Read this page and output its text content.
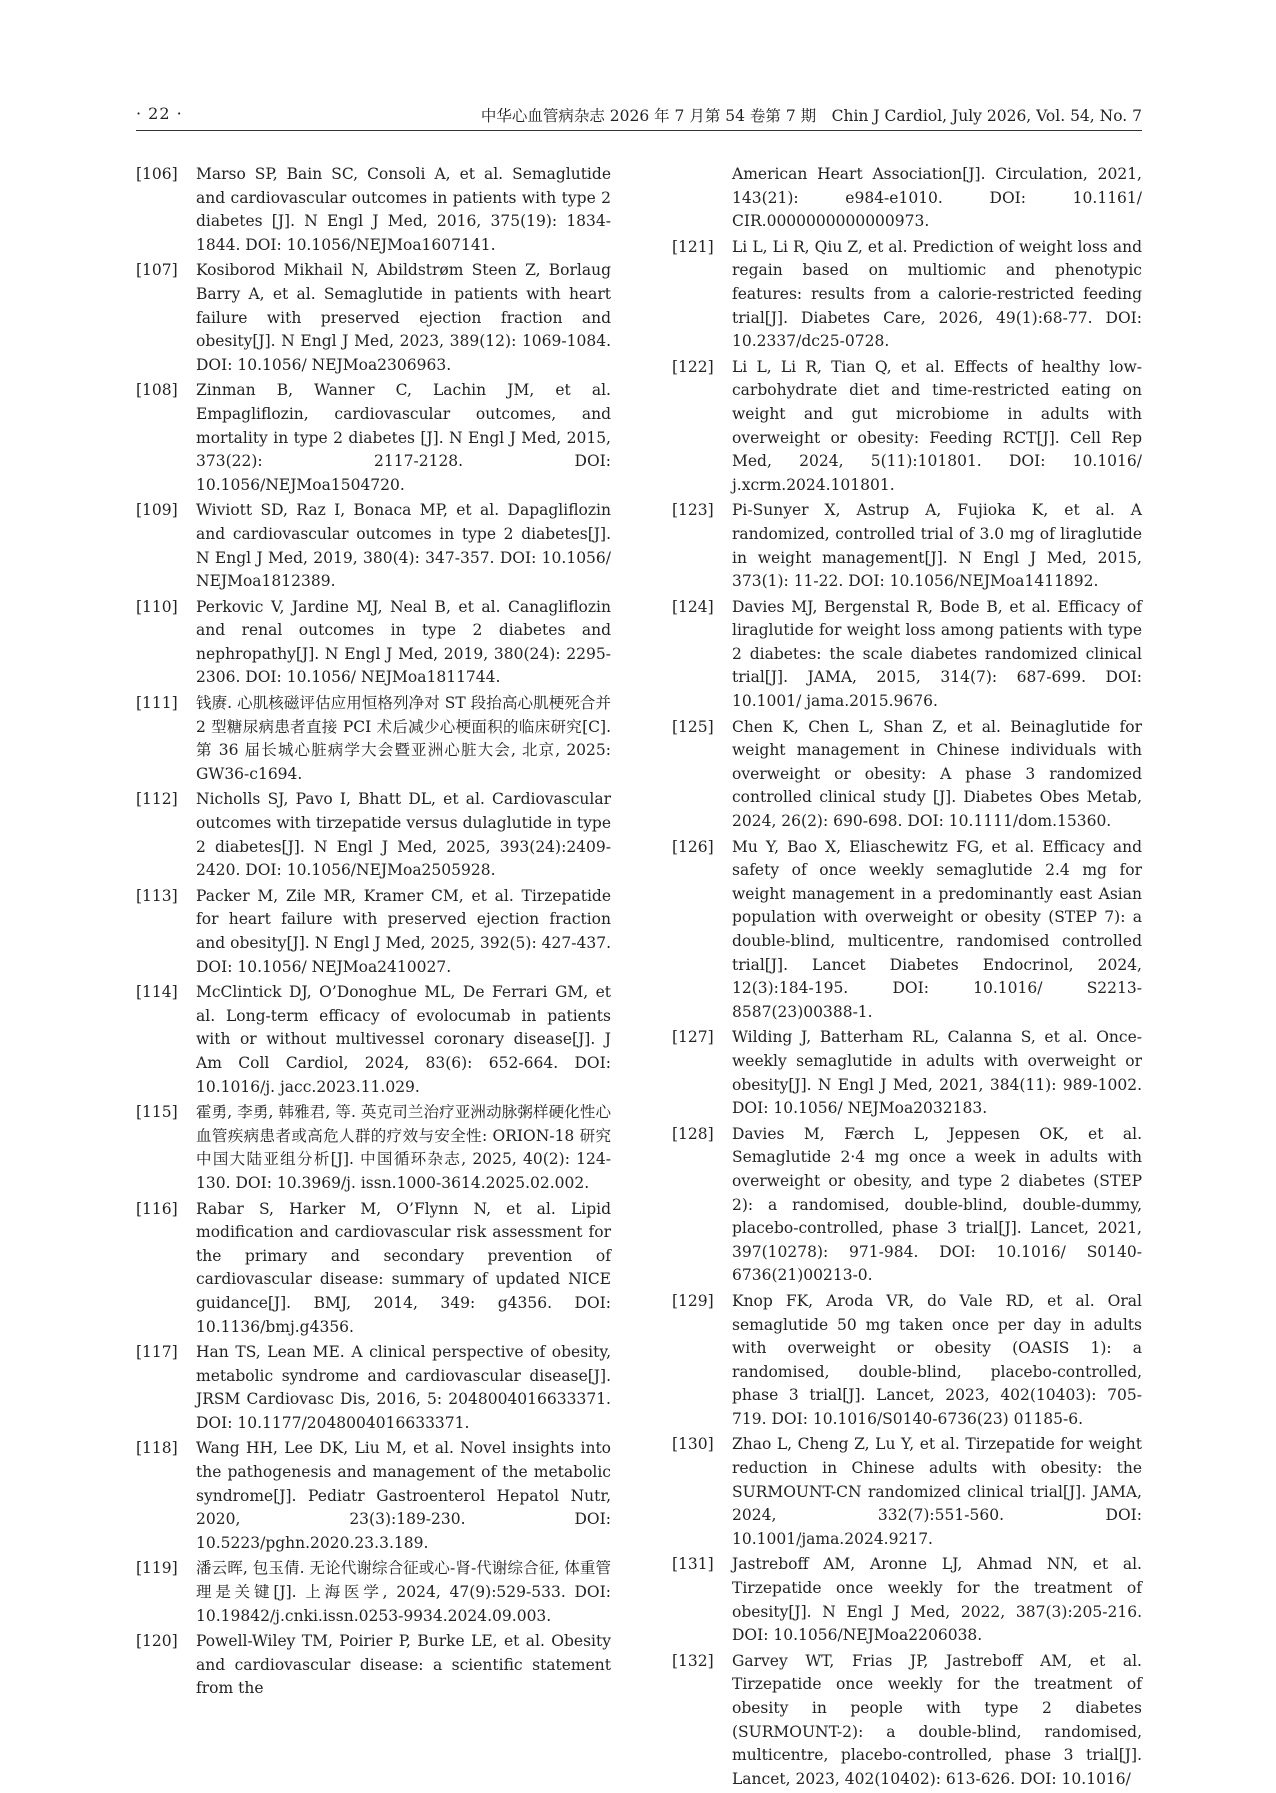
· 22 ·	中华心血管病杂志 2026 年 7 月第 54 卷第 7 期　Chin J Cardiol, July 2026, Vol. 54, No. 7
[106]	Marso SP, Bain SC, Consoli A, et al. Semaglutide and cardiovascular outcomes in patients with type 2 diabetes [J]. N Engl J Med, 2016, 375(19): 1834-1844. DOI: 10.1056/NEJMoa1607141.
[107]	Kosiborod Mikhail N, Abildstrøm Steen Z, Borlaug Barry A, et al. Semaglutide in patients with heart failure with preserved ejection fraction and obesity[J]. N Engl J Med, 2023, 389(12): 1069-1084. DOI: 10.1056/ NEJMoa2306963.
[108]	Zinman B, Wanner C, Lachin JM, et al. Empagliflozin, cardiovascular outcomes, and mortality in type 2 diabetes [J]. N Engl J Med, 2015, 373(22): 2117-2128. DOI: 10.1056/NEJMoa1504720.
[109]	Wiviott SD, Raz I, Bonaca MP, et al. Dapagliflozin and cardiovascular outcomes in type 2 diabetes[J]. N Engl J Med, 2019, 380(4): 347-357. DOI: 10.1056/ NEJMoa1812389.
[110]	Perkovic V, Jardine MJ, Neal B, et al. Canagliflozin and renal outcomes in type 2 diabetes and nephropathy[J]. N Engl J Med, 2019, 380(24): 2295-2306. DOI: 10.1056/ NEJMoa1811744.
[111]	钱赓. 心肌核磁评估应用恒格列净对 ST 段抬高心肌梗死合并 2 型糖尿病患者直接 PCI 术后减少心梗面积的临床研究[C]. 第 36 届长城心脏病学大会暨亚洲心脏大会, 北京, 2025: GW36-c1694.
[112]	Nicholls SJ, Pavo I, Bhatt DL, et al. Cardiovascular outcomes with tirzepatide versus dulaglutide in type 2 diabetes[J]. N Engl J Med, 2025, 393(24):2409-2420. DOI: 10.1056/NEJMoa2505928.
[113]	Packer M, Zile MR, Kramer CM, et al. Tirzepatide for heart failure with preserved ejection fraction and obesity[J]. N Engl J Med, 2025, 392(5): 427-437. DOI: 10.1056/ NEJMoa2410027.
[114]	McClintick DJ, O’Donoghue ML, De Ferrari GM, et al. Long-term efficacy of evolocumab in patients with or without multivessel coronary disease[J]. J Am Coll Cardiol, 2024, 83(6): 652-664. DOI: 10.1016/j. jacc.2023.11.029.
[115]	霍勇, 李勇, 韩雅君, 等. 英克司兰治疗亚洲动脉粥样硬化性心血管疾病患者或高危人群的疗效与安全性: ORION-18 研究中国大陆亚组分析[J]. 中国循环杂志, 2025, 40(2): 124-130. DOI: 10.3969/j. issn.1000-3614.2025.02.002.
[116]	Rabar S, Harker M, O’Flynn N, et al. Lipid modification and cardiovascular risk assessment for the primary and secondary prevention of cardiovascular disease: summary of updated NICE guidance[J]. BMJ, 2014, 349: g4356. DOI: 10.1136/bmj.g4356.
[117]	Han TS, Lean ME. A clinical perspective of obesity, metabolic syndrome and cardiovascular disease[J]. JRSM Cardiovasc Dis, 2016, 5: 2048004016633371. DOI: 10.1177/2048004016633371.
[118]	Wang HH, Lee DK, Liu M, et al. Novel insights into the pathogenesis and management of the metabolic syndrome[J]. Pediatr Gastroenterol Hepatol Nutr, 2020, 23(3):189-230. DOI: 10.5223/pghn.2020.23.3.189.
[119]	潘云晖, 包玉倩. 无论代谢综合征或心-肾-代谢综合征, 体重管理是关键[J]. 上海医学, 2024, 47(9):529-533. DOI: 10.19842/j.cnki.issn.0253-9934.2024.09.003.
[120]	Powell-Wiley TM, Poirier P, Burke LE, et al. Obesity and cardiovascular disease: a scientific statement from the
American Heart Association[J]. Circulation, 2021, 143(21): e984-e1010. DOI: 10.1161/ CIR.0000000000000973.
[121]	Li L, Li R, Qiu Z, et al. Prediction of weight loss and regain based on multiomic and phenotypic features: results from a calorie-restricted feeding trial[J]. Diabetes Care, 2026, 49(1):68-77. DOI: 10.2337/dc25-0728.
[122]	Li L, Li R, Tian Q, et al. Effects of healthy low-carbohydrate diet and time-restricted eating on weight and gut microbiome in adults with overweight or obesity: Feeding RCT[J]. Cell Rep Med, 2024, 5(11):101801. DOI: 10.1016/ j.xcrm.2024.101801.
[123]	Pi-Sunyer X, Astrup A, Fujioka K, et al. A randomized, controlled trial of 3.0 mg of liraglutide in weight management[J]. N Engl J Med, 2015, 373(1): 11-22. DOI: 10.1056/NEJMoa1411892.
[124]	Davies MJ, Bergenstal R, Bode B, et al. Efficacy of liraglutide for weight loss among patients with type 2 diabetes: the scale diabetes randomized clinical trial[J]. JAMA, 2015, 314(7): 687-699. DOI: 10.1001/ jama.2015.9676.
[125]	Chen K, Chen L, Shan Z, et al. Beinaglutide for weight management in Chinese individuals with overweight or obesity: A phase 3 randomized controlled clinical study [J]. Diabetes Obes Metab, 2024, 26(2): 690-698. DOI: 10.1111/dom.15360.
[126]	Mu Y, Bao X, Eliaschewitz FG, et al. Efficacy and safety of once weekly semaglutide 2.4 mg for weight management in a predominantly east Asian population with overweight or obesity (STEP 7): a double-blind, multicentre, randomised controlled trial[J]. Lancet Diabetes Endocrinol, 2024, 12(3):184-195. DOI: 10.1016/ S2213-8587(23)00388-1.
[127]	Wilding J, Batterham RL, Calanna S, et al. Once-weekly semaglutide in adults with overweight or obesity[J]. N Engl J Med, 2021, 384(11): 989-1002. DOI: 10.1056/ NEJMoa2032183.
[128]	Davies M, Færch L, Jeppesen OK, et al. Semaglutide 2·4 mg once a week in adults with overweight or obesity, and type 2 diabetes (STEP 2): a randomised, double-blind, double-dummy, placebo-controlled, phase 3 trial[J]. Lancet, 2021, 397(10278): 971-984. DOI: 10.1016/ S0140-6736(21)00213-0.
[129]	Knop FK, Aroda VR, do Vale RD, et al. Oral semaglutide 50 mg taken once per day in adults with overweight or obesity (OASIS 1): a randomised, double-blind, placebo-controlled, phase 3 trial[J]. Lancet, 2023, 402(10403): 705-719. DOI: 10.1016/S0140-6736(23) 01185-6.
[130]	Zhao L, Cheng Z, Lu Y, et al. Tirzepatide for weight reduction in Chinese adults with obesity: the SURMOUNT-CN randomized clinical trial[J]. JAMA, 2024, 332(7):551-560. DOI: 10.1001/jama.2024.9217.
[131]	Jastreboff AM, Aronne LJ, Ahmad NN, et al. Tirzepatide once weekly for the treatment of obesity[J]. N Engl J Med, 2022, 387(3):205-216. DOI: 10.1056/NEJMoa2206038.
[132]	Garvey WT, Frias JP, Jastreboff AM, et al. Tirzepatide once weekly for the treatment of obesity in people with type 2 diabetes (SURMOUNT-2): a double-blind, randomised, multicentre, placebo-controlled, phase 3 trial[J]. Lancet, 2023, 402(10402): 613-626. DOI: 10.1016/
